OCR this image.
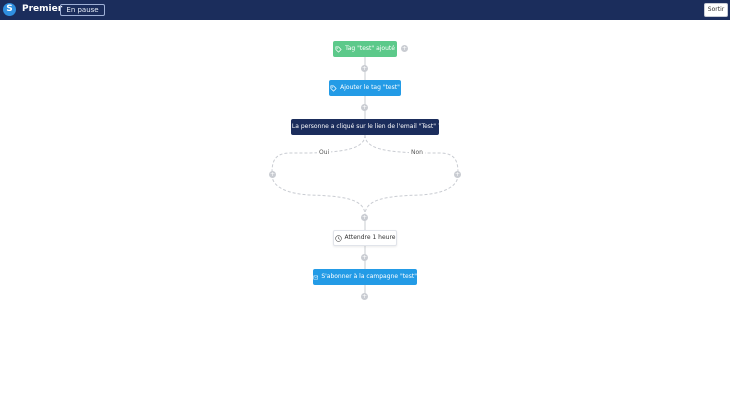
S	Premier En pause	Sortir
Tag "test" ajouté +
+
Ajouter le tag "test"
+
La personne a cliqué sur le lien de l'email "Test" ?
Oui	Non
+	+
+
Attendre 1 heure
+
S'abonner à la campagne "test"
+
